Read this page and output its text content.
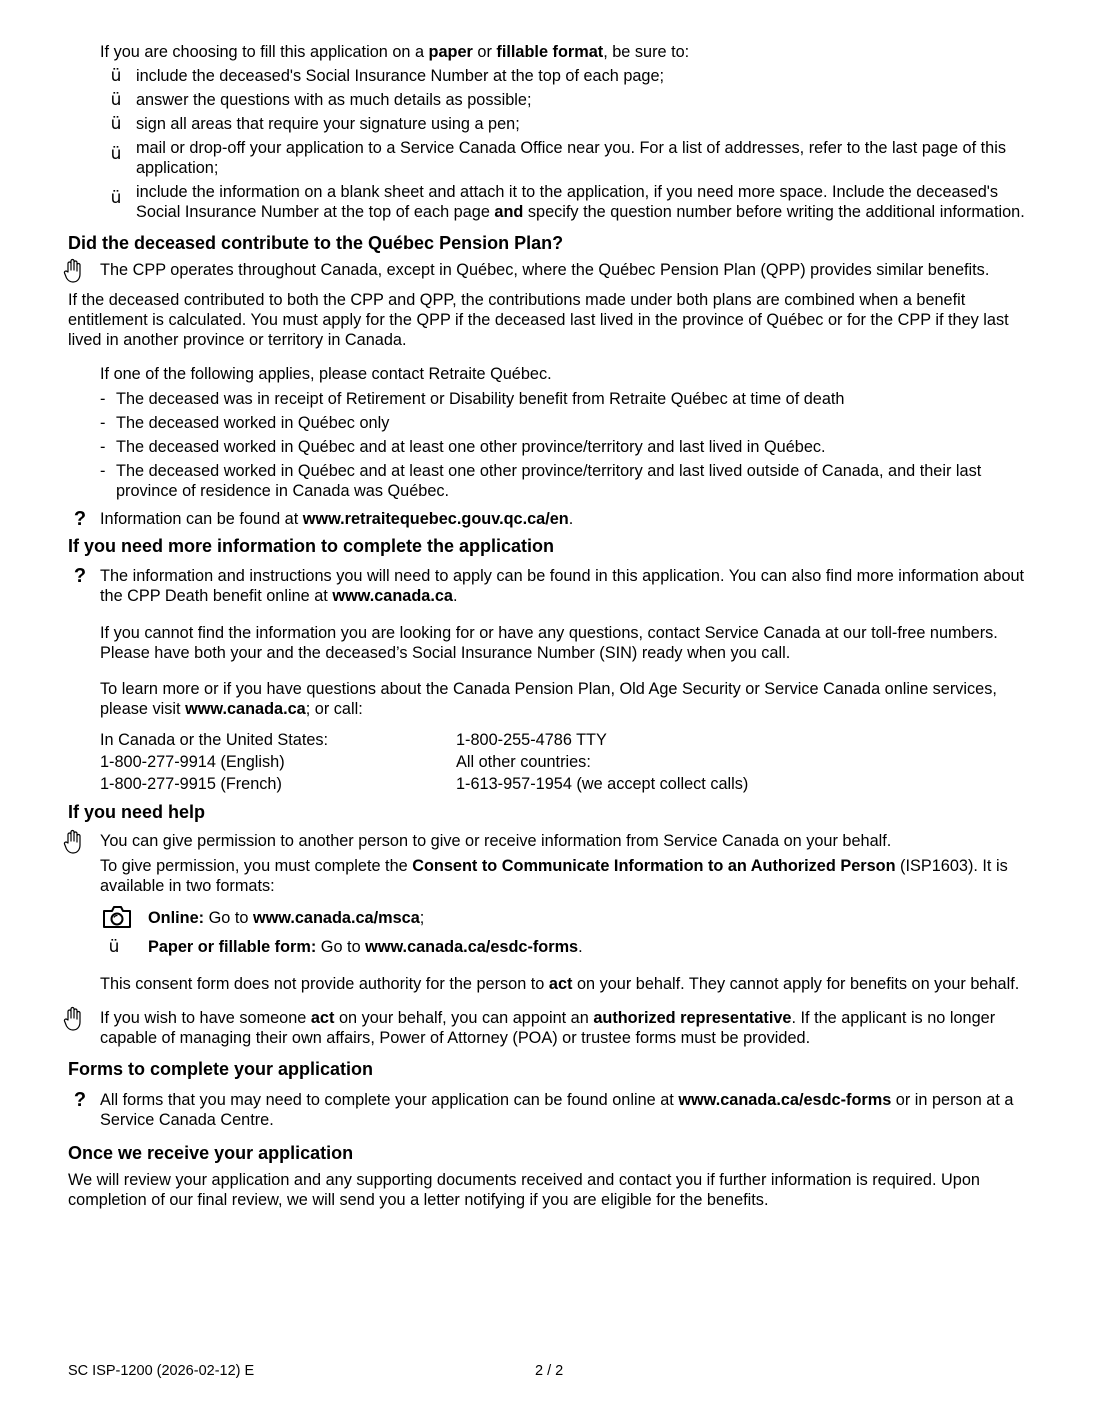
If you are choosing to fill this application on a paper or fillable format, be sure to:

ü include the deceased's Social Insurance Number at the top of each page;
ü answer the questions with as much details as possible;
ü sign all areas that require your signature using a pen;
ü mail or drop-off your application to a Service Canada Office near you. For a list of addresses, refer to the last page of this application;
ü include the information on a blank sheet and attach it to the application, if you need more space. Include the deceased's Social Insurance Number at the top of each page and specify the question number before writing the additional information.

Did the deceased contribute to the Québec Pension Plan?

The CPP operates throughout Canada, except in Québec, where the Québec Pension Plan (QPP) provides similar benefits.

If the deceased contributed to both the CPP and QPP, the contributions made under both plans are combined when a benefit entitlement is calculated. You must apply for the QPP if the deceased last lived in the province of Québec or for the CPP if they last lived in another province or territory in Canada.

If one of the following applies, please contact Retraite Québec.

- The deceased was in receipt of Retirement or Disability benefit from Retraite Québec at time of death
- The deceased worked in Québec only
- The deceased worked in Québec and at least one other province/territory and last lived in Québec.
- The deceased worked in Québec and at least one other province/territory and last lived outside of Canada, and their last province of residence in Canada was Québec.
? Information can be found at www.retraitequebec.gouv.qc.ca/en.

If you need more information to complete the application

? The information and instructions you will need to apply can be found in this application. You can also find more information about the CPP Death benefit online at www.canada.ca.

If you cannot find the information you are looking for or have any questions, contact Service Canada at our toll-free numbers. Please have both your and the deceased’s Social Insurance Number (SIN) ready when you call.

To learn more or if you have questions about the Canada Pension Plan, Old Age Security or Service Canada online services, please visit www.canada.ca; or call:

In Canada or the United States:	1-800-255-4786 TTY
1-800-277-9914 (English)	All other countries:
1-800-277-9915 (French)	1-613-957-1954 (we accept collect calls)

If you need help

You can give permission to another person to give or receive information from Service Canada on your behalf.

To give permission, you must complete the Consent to Communicate Information to an Authorized Person (ISP1603). It is available in two formats:

Online: Go to www.canada.ca/msca;
ü	Paper or fillable form: Go to www.canada.ca/esdc-forms.

This consent form does not provide authority for the person to act on your behalf. They cannot apply for benefits on your behalf.

If you wish to have someone act on your behalf, you can appoint an authorized representative. If the applicant is no longer capable of managing their own affairs, Power of Attorney (POA) or trustee forms must be provided.

Forms to complete your application

? All forms that you may need to complete your application can be found online at www.canada.ca/esdc-forms or in person at a Service Canada Centre.

Once we receive your application

We will review your application and any supporting documents received and contact you if further information is required. Upon completion of our final review, we will send you a letter notifying if you are eligible for the benefits.

SC ISP-1200 (2026-02-12) E	2 / 2
